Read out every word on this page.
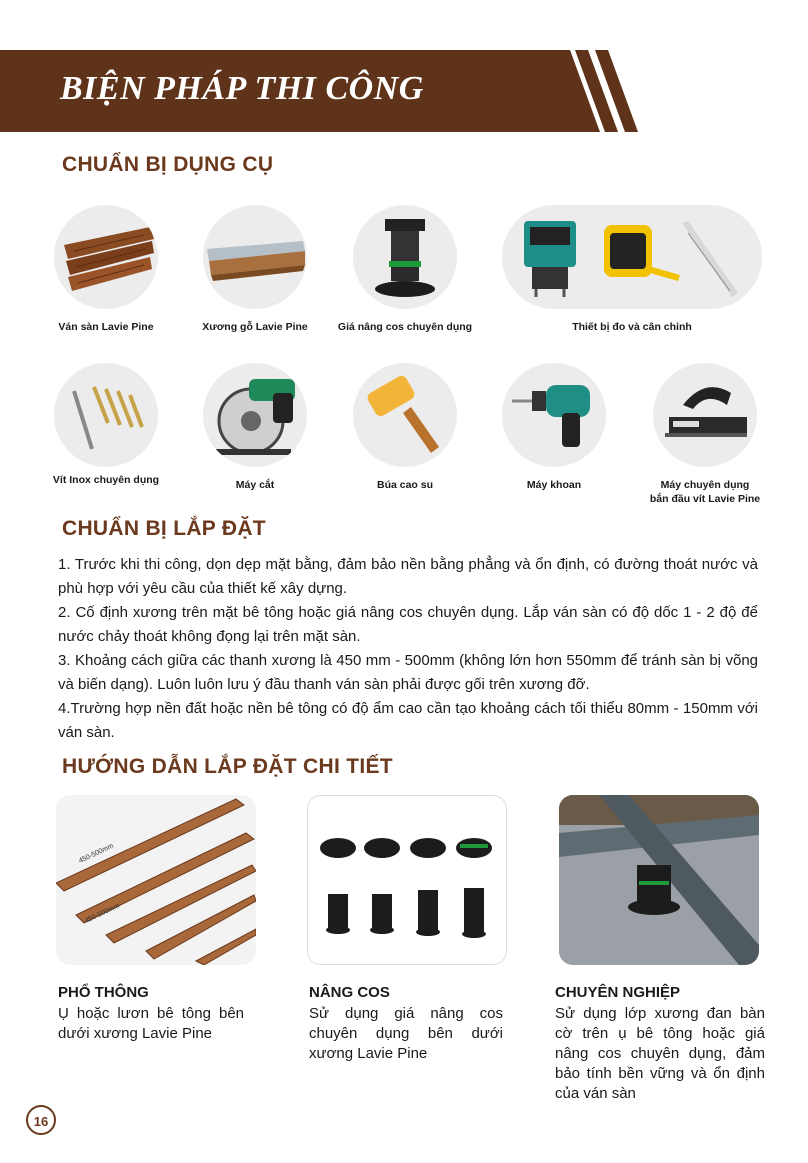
BIỆN PHÁP THI CÔNG
CHUẨN BỊ DỤNG CỤ
Ván sàn Lavie Pine	Xương gỗ Lavie Pine	Giá nâng cos chuyên dụng	Thiết bị đo và cân chỉnh
Vít Inox chuyên dụng	Máy cắt	Búa cao su	Máy khoan	Máy chuyên dụng
bắn đầu vít Lavie Pine
CHUẨN BỊ LẮP ĐẶT

1. Trước khi thi công, dọn dẹp mặt bằng, đảm bảo nền bằng phẳng và ổn định, có đường thoát nước và phù hợp với yêu cầu của thiết kế xây dựng.

2. Cố định xương trên mặt bê tông hoặc giá nâng cos chuyên dụng. Lắp ván sàn có độ dốc 1 - 2 độ để nước chảy thoát không đọng lại trên mặt sàn.

3. Khoảng cách giữa các thanh xương là 450 mm - 500mm (không lớn hơn 550mm để tránh sàn bị võng và biến dạng). Luôn luôn lưu ý đầu thanh ván sàn phải được gối trên xương đỡ.

4.Trường hợp nền đất hoặc nền bê tông có độ ẩm cao cần tạo khoảng cách tối thiểu 80mm - 150mm với ván sàn.

HƯỚNG DẪN LẮP ĐẶT CHI TIẾT
450-500mm
450-500mm
PHỔ THÔNG
Ụ hoặc lươn bê tông bên dưới xương Lavie Pine
NÂNG COS
Sử dụng giá nâng cos chuyên dụng bên dưới xương Lavie Pine
CHUYÊN NGHIỆP
Sử dụng lớp xương đan bàn cờ trên ụ bê tông hoặc giá nâng cos chuyên dụng, đảm bảo tính bền vững và ổn định của ván sàn
16
